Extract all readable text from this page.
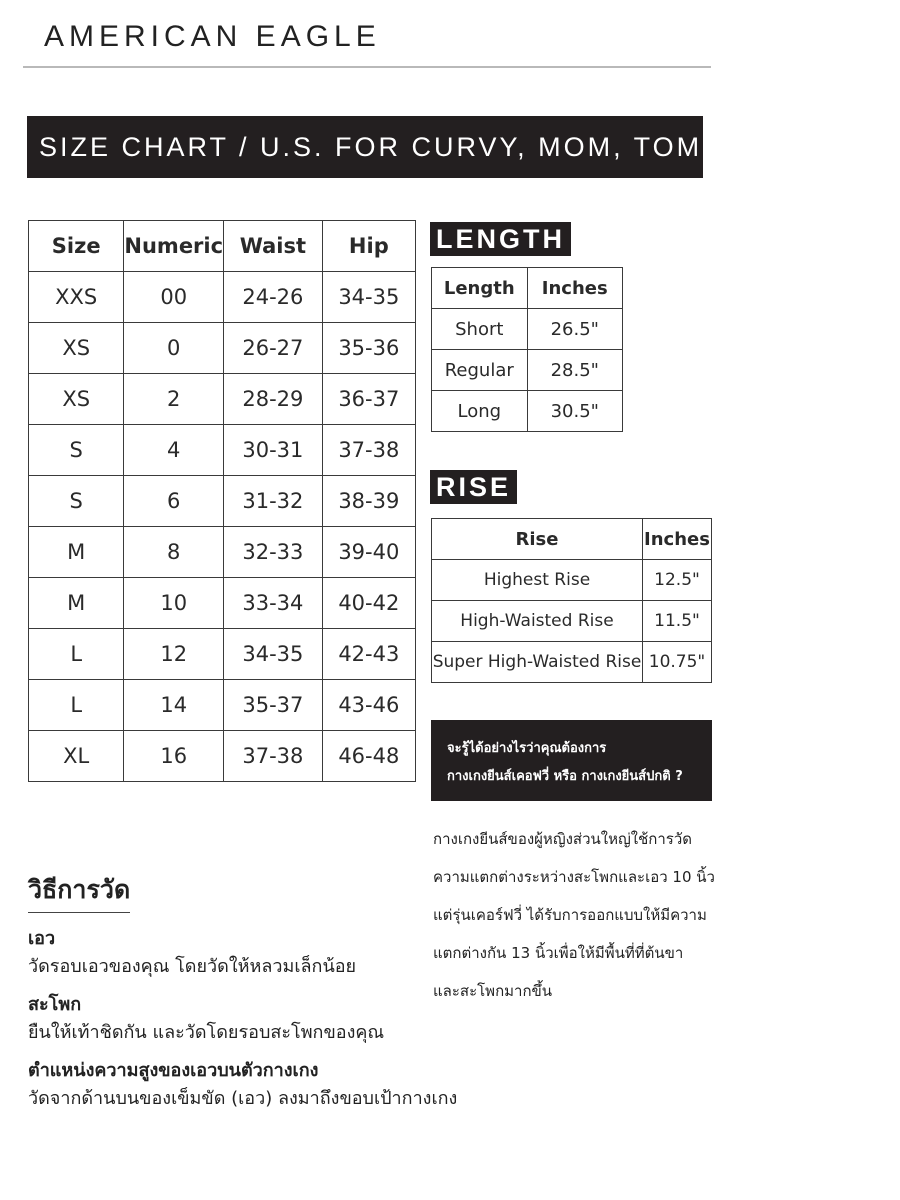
AMERICAN EAGLE
SIZE CHART / U.S. FOR CURVY, MOM, TOMGIRL
Size	Numeric	Waist	Hip
XXS	00	24-26	34-35
XS	0	26-27	35-36
XS	2	28-29	36-37
S	4	30-31	37-38
S	6	31-32	38-39
M	8	32-33	39-40
M	10	33-34	40-42
L	12	34-35	42-43
L	14	35-37	43-46
XL	16	37-38	46-48
LENGTH
Length	Inches
Short	26.5"
Regular	28.5"
Long	30.5"
RISE
Rise	Inches
Highest Rise	12.5"
High-Waisted Rise	11.5"
Super High-Waisted Rise	10.75"
จะรู้ได้อย่างไรว่าคุณต้องการ
กางเกงยีนส์เคอฟวี่ หรือ กางเกงยีนส์ปกติ ?
กางเกงยีนส์ของผู้หญิงส่วนใหญ่ใช้การวัด
ความแตกต่างระหว่างสะโพกและเอว 10 นิ้ว
แต่รุ่นเคอร์ฟวี่ ได้รับการออกแบบให้มีความ
แตกต่างกัน 13 นิ้วเพื่อให้มีพื้นที่ที่ต้นขา
และสะโพกมากขึ้น
วิธีการวัด
เอว
วัดรอบเอวของคุณ โดยวัดให้หลวมเล็กน้อย
สะโพก
ยืนให้เท้าชิดกัน และวัดโดยรอบสะโพกของคุณ
ตำแหน่งความสูงของเอวบนตัวกางเกง
วัดจากด้านบนของเข็มขัด (เอว) ลงมาถึงขอบเป้ากางเกง
